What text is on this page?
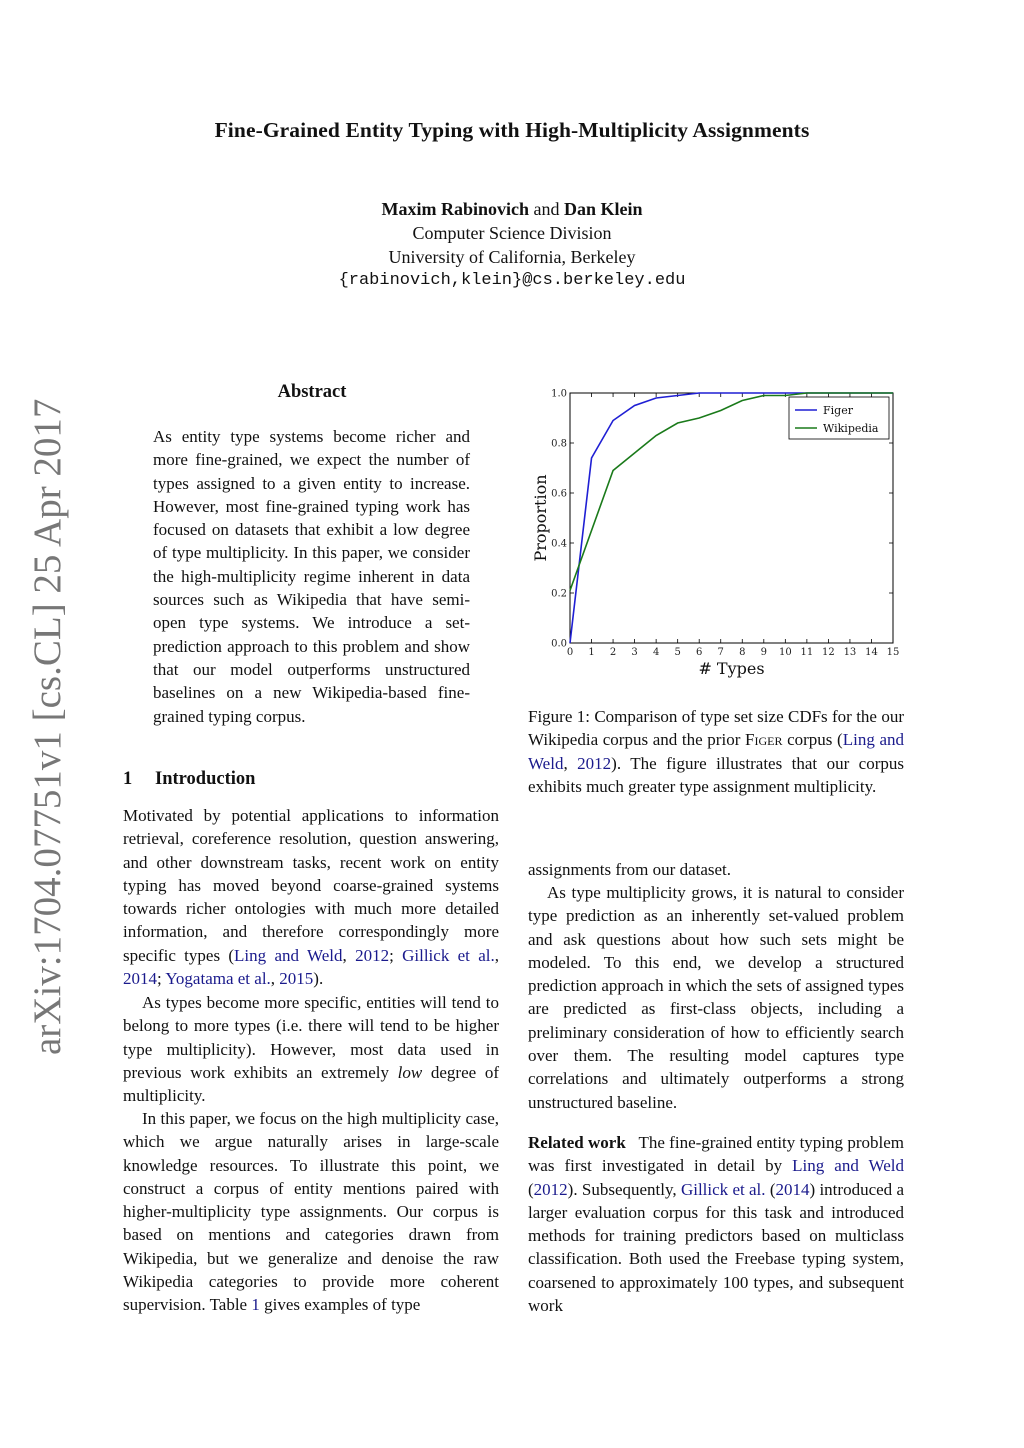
arXiv:1704.07751v1 [cs.CL] 25 Apr 2017
Fine-Grained Entity Typing with High-Multiplicity Assignments
Maxim Rabinovich and Dan Klein
Computer Science Division
University of California, Berkeley
{rabinovich,klein}@cs.berkeley.edu
Abstract
As entity type systems become richer and more fine-grained, we expect the number of types assigned to a given entity to increase. However, most fine-grained typing work has focused on datasets that exhibit a low degree of type multiplicity. In this paper, we consider the high-multiplicity regime inherent in data sources such as Wikipedia that have semi-open type systems. We introduce a set-prediction approach to this problem and show that our model outperforms unstructured baselines on a new Wikipedia-based fine-grained typing corpus.
1 Introduction
Motivated by potential applications to information retrieval, coreference resolution, question answering, and other downstream tasks, recent work on entity typing has moved beyond coarse-grained systems towards richer ontologies with much more detailed information, and therefore correspondingly more specific types (Ling and Weld, 2012; Gillick et al., 2014; Yogatama et al., 2015).
As types become more specific, entities will tend to belong to more types (i.e. there will tend to be higher type multiplicity). However, most data used in previous work exhibits an extremely low degree of multiplicity.
In this paper, we focus on the high multiplicity case, which we argue naturally arises in large-scale knowledge resources. To illustrate this point, we construct a corpus of entity mentions paired with higher-multiplicity type assignments. Our corpus is based on mentions and categories drawn from Wikipedia, but we generalize and denoise the raw Wikipedia categories to provide more coherent supervision. Table 1 gives examples of type
0 1 2 3 4 5 6 7 8 9 10 11 12 13 14 15
0.0
0.2
0.4
0.6
0.8
1.0
# Types
Proportion
Figer
Wikipedia
Figure 1: Comparison of type set size CDFs for the our Wikipedia corpus and the prior Figer corpus (Ling and Weld, 2012). The figure illustrates that our corpus exhibits much greater type assignment multiplicity.
assignments from our dataset.
As type multiplicity grows, it is natural to consider type prediction as an inherently set-valued problem and ask questions about how such sets might be modeled. To this end, we develop a structured prediction approach in which the sets of assigned types are predicted as first-class objects, including a preliminary consideration of how to efficiently search over them. The resulting model captures type correlations and ultimately outperforms a strong unstructured baseline.
Related work The fine-grained entity typing problem was first investigated in detail by Ling and Weld (2012). Subsequently, Gillick et al. (2014) introduced a larger evaluation corpus for this task and introduced methods for training predictors based on multiclass classification. Both used the Freebase typing system, coarsened to approximately 100 types, and subsequent work
